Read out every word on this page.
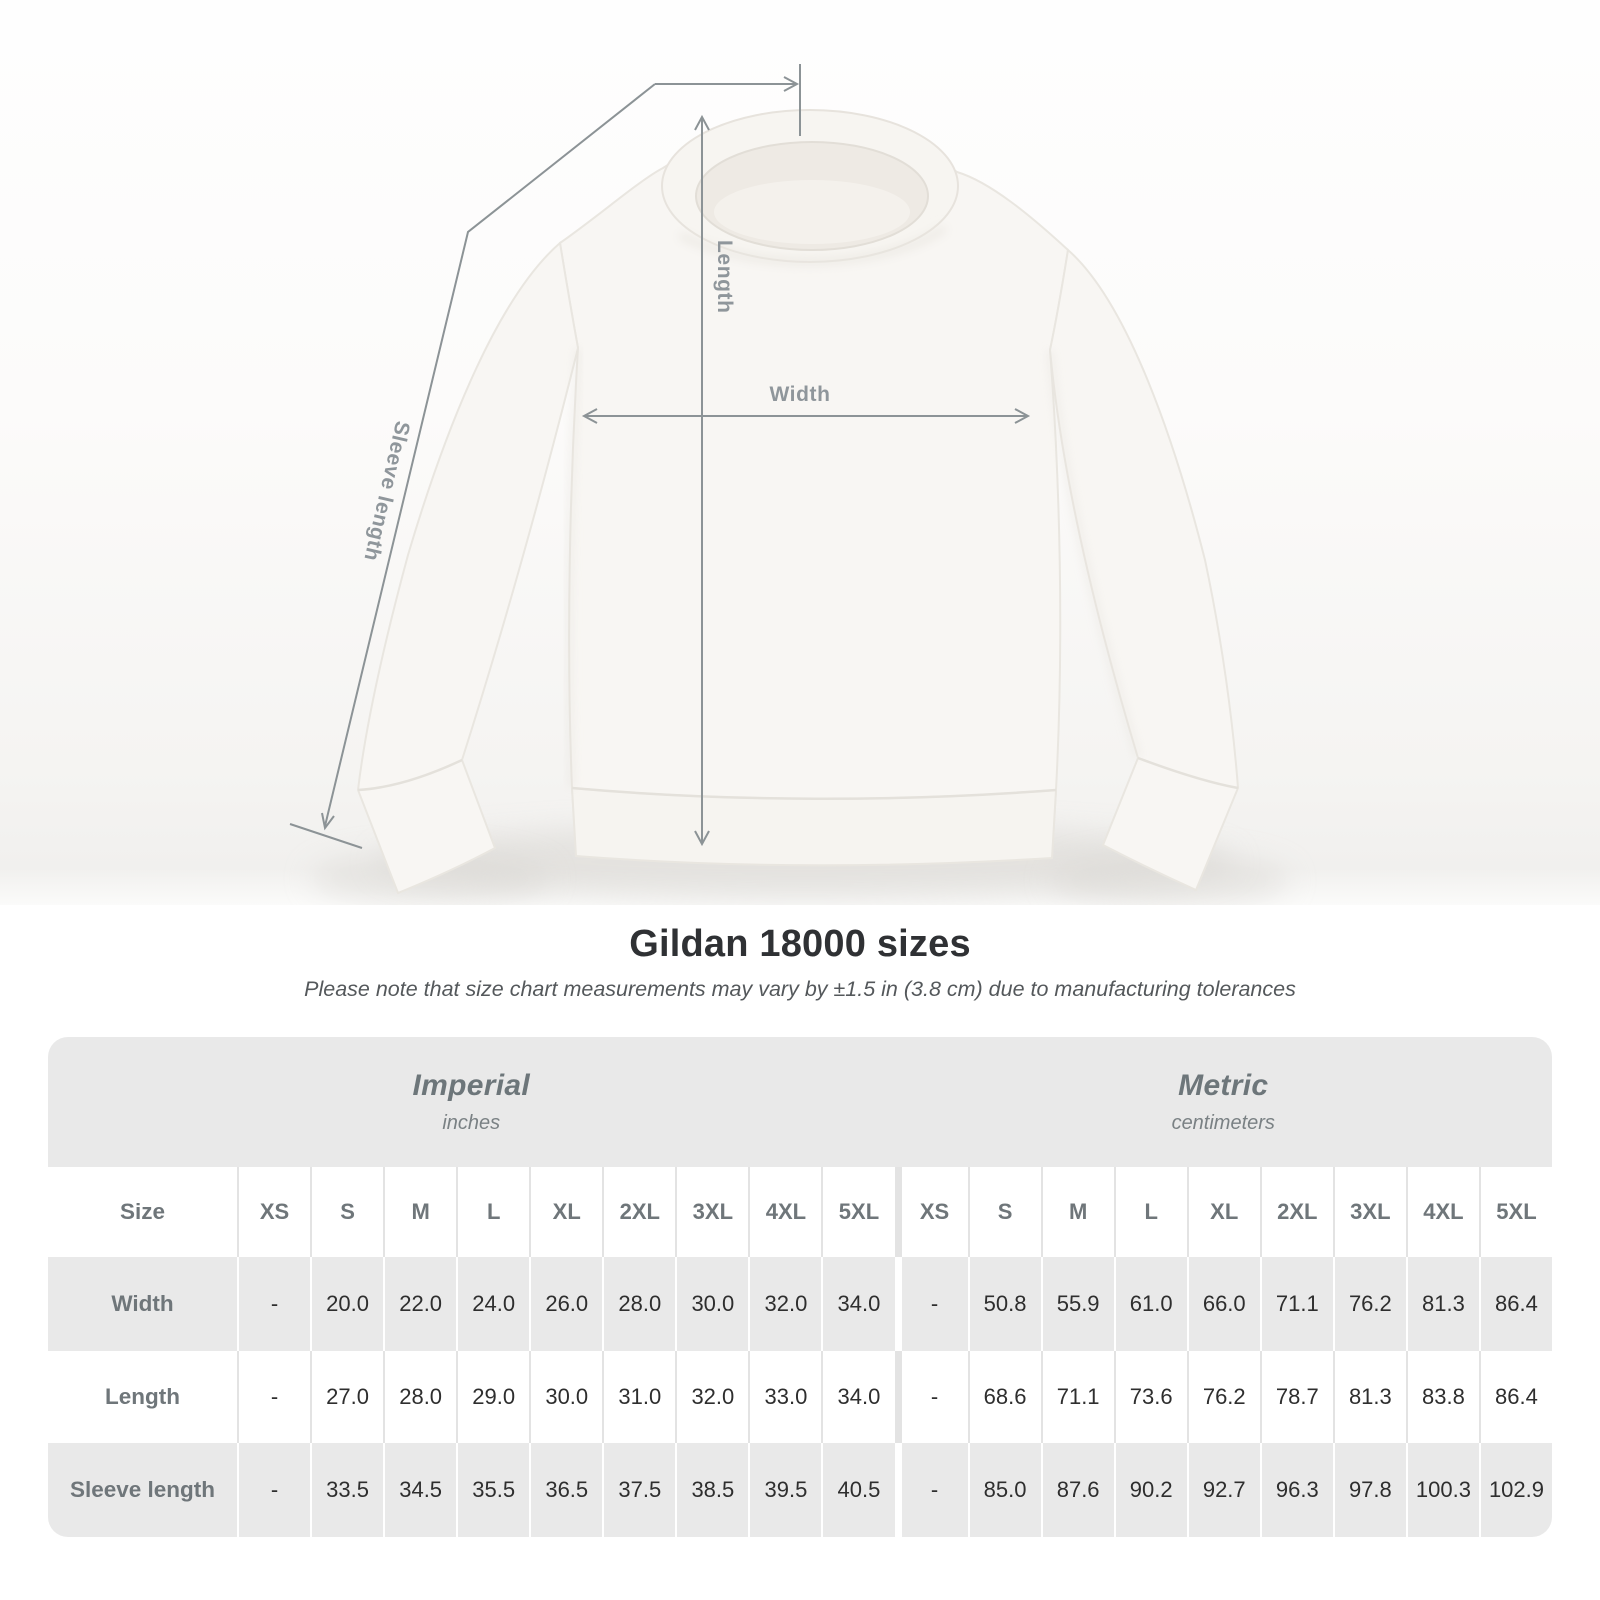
Length
Width
Sleeve length
Gildan 18000 sizes

Please note that size chart measurements may vary by ±1.5 in (3.8 cm) due to manufacturing tolerances

Imperial
inches
Metric
centimeters
Size	XS	S	M	L	XL	2XL	3XL	4XL	5XL	XS	S	M	L	XL	2XL	3XL	4XL	5XL
Width	-	20.0	22.0	24.0	26.0	28.0	30.0	32.0	34.0	-	50.8	55.9	61.0	66.0	71.1	76.2	81.3	86.4
Length	-	27.0	28.0	29.0	30.0	31.0	32.0	33.0	34.0	-	68.6	71.1	73.6	76.2	78.7	81.3	83.8	86.4
Sleeve length	-	33.5	34.5	35.5	36.5	37.5	38.5	39.5	40.5	-	85.0	87.6	90.2	92.7	96.3	97.8	100.3 102.9
